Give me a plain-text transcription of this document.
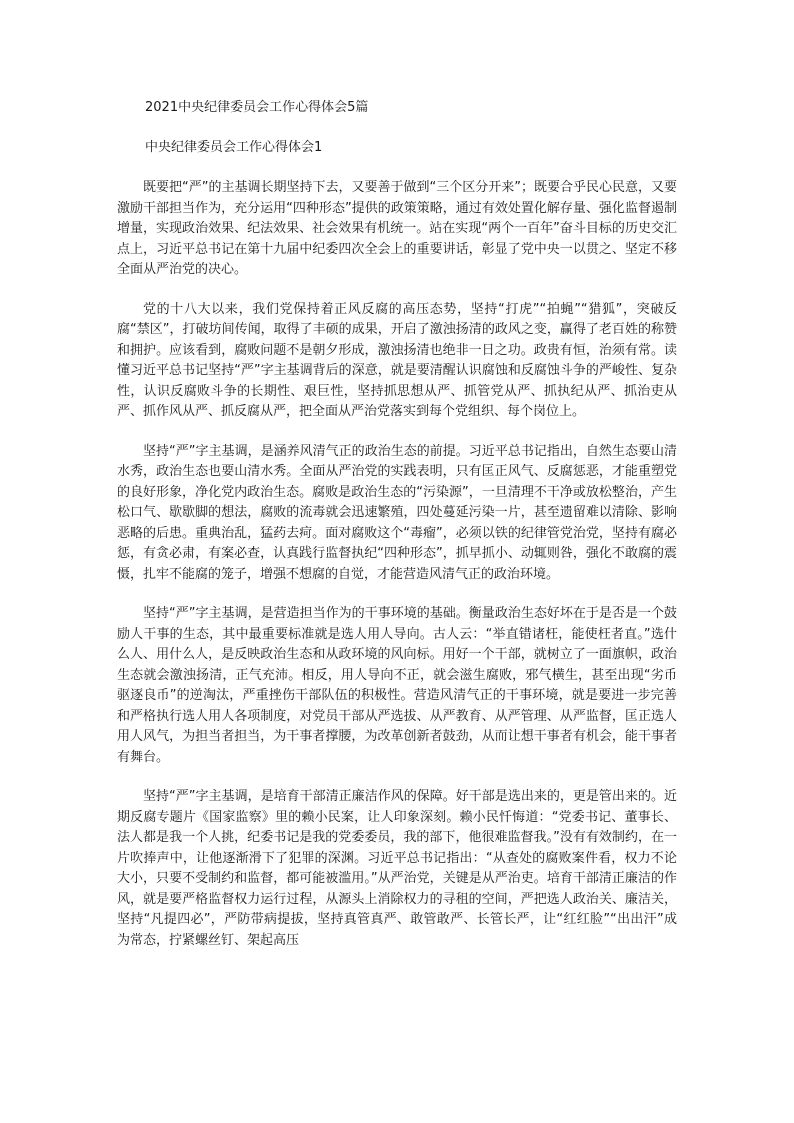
2021中央纪律委员会工作心得体会5篇
中央纪律委员会工作心得体会1

既要把“严”的主基调长期坚持下去，又要善于做到“三个区分开来”；既要合乎民心民意，又要激励干部担当作为，充分运用“四种形态”提供的政策策略，通过有效处置化解存量、强化监督遏制增量，实现政治效果、纪法效果、社会效果有机统一。站在实现“两个一百年”奋斗目标的历史交汇点上，习近平总书记在第十九届中纪委四次全会上的重要讲话，彰显了党中央一以贯之、坚定不移全面从严治党的决心。

党的十八大以来，我们党保持着正风反腐的高压态势，坚持“打虎”“拍蝇”“猎狐”，突破反腐“禁区”，打破坊间传闻，取得了丰硕的成果，开启了激浊扬清的政风之变，赢得了老百姓的称赞和拥护。应该看到，腐败问题不是朝夕形成，激浊扬清也绝非一日之功。政贵有恒，治须有常。读懂习近平总书记坚持“严”字主基调背后的深意，就是要清醒认识腐蚀和反腐蚀斗争的严峻性、复杂性，认识反腐败斗争的长期性、艰巨性，坚持抓思想从严、抓管党从严、抓执纪从严、抓治吏从严、抓作风从严、抓反腐从严，把全面从严治党落实到每个党组织、每个岗位上。

坚持“严”字主基调，是涵养风清气正的政治生态的前提。习近平总书记指出，自然生态要山清水秀，政治生态也要山清水秀。全面从严治党的实践表明，只有匡正风气、反腐惩恶，才能重塑党的良好形象，净化党内政治生态。腐败是政治生态的“污染源”，一旦清理不干净或放松整治，产生松口气、歇歇脚的想法，腐败的流毒就会迅速繁殖，四处蔓延污染一片，甚至遗留难以清除、影响恶略的后患。重典治乱，猛药去疴。面对腐败这个“毒瘤”，必须以铁的纪律管党治党，坚持有腐必惩，有贪必肃，有案必查，认真践行监督执纪“四种形态”，抓早抓小、动辄则咎，强化不敢腐的震慑，扎牢不能腐的笼子，增强不想腐的自觉，才能营造风清气正的政治环境。

坚持“严”字主基调，是营造担当作为的干事环境的基础。衡量政治生态好坏在于是否是一个鼓励人干事的生态，其中最重要标准就是选人用人导向。古人云：“举直错诸枉，能使枉者直。”选什么人、用什么人，是反映政治生态和从政环境的风向标。用好一个干部，就树立了一面旗帜，政治生态就会激浊扬清，正气充沛。相反，用人导向不正，就会滋生腐败，邪气横生，甚至出现“劣币驱逐良币”的逆淘汰，严重挫伤干部队伍的积极性。营造风清气正的干事环境，就是要进一步完善和严格执行选人用人各项制度，对党员干部从严选拔、从严教育、从严管理、从严监督，匡正选人用人风气，为担当者担当，为干事者撑腰，为改革创新者鼓劲，从而让想干事者有机会，能干事者有舞台。

坚持“严”字主基调，是培育干部清正廉洁作风的保障。好干部是选出来的，更是管出来的。近期反腐专题片《国家监察》里的赖小民案，让人印象深刻。赖小民忏悔道：“党委书记、董事长、法人都是我一个人挑，纪委书记是我的党委委员，我的部下，他很难监督我。”没有有效制约，在一片吹捧声中，让他逐渐滑下了犯罪的深渊。习近平总书记指出：“从查处的腐败案件看，权力不论大小，只要不受制约和监督，都可能被滥用。”从严治党，关键是从严治吏。培育干部清正廉洁的作风，就是要严格监督权力运行过程，从源头上消除权力的寻租的空间，严把选人政治关、廉洁关，坚持“凡提四必”，严防带病提拔，坚持真管真严、敢管敢严、长管长严，让“红红脸”“出出汗”成为常态，拧紧螺丝钉、架起高压
